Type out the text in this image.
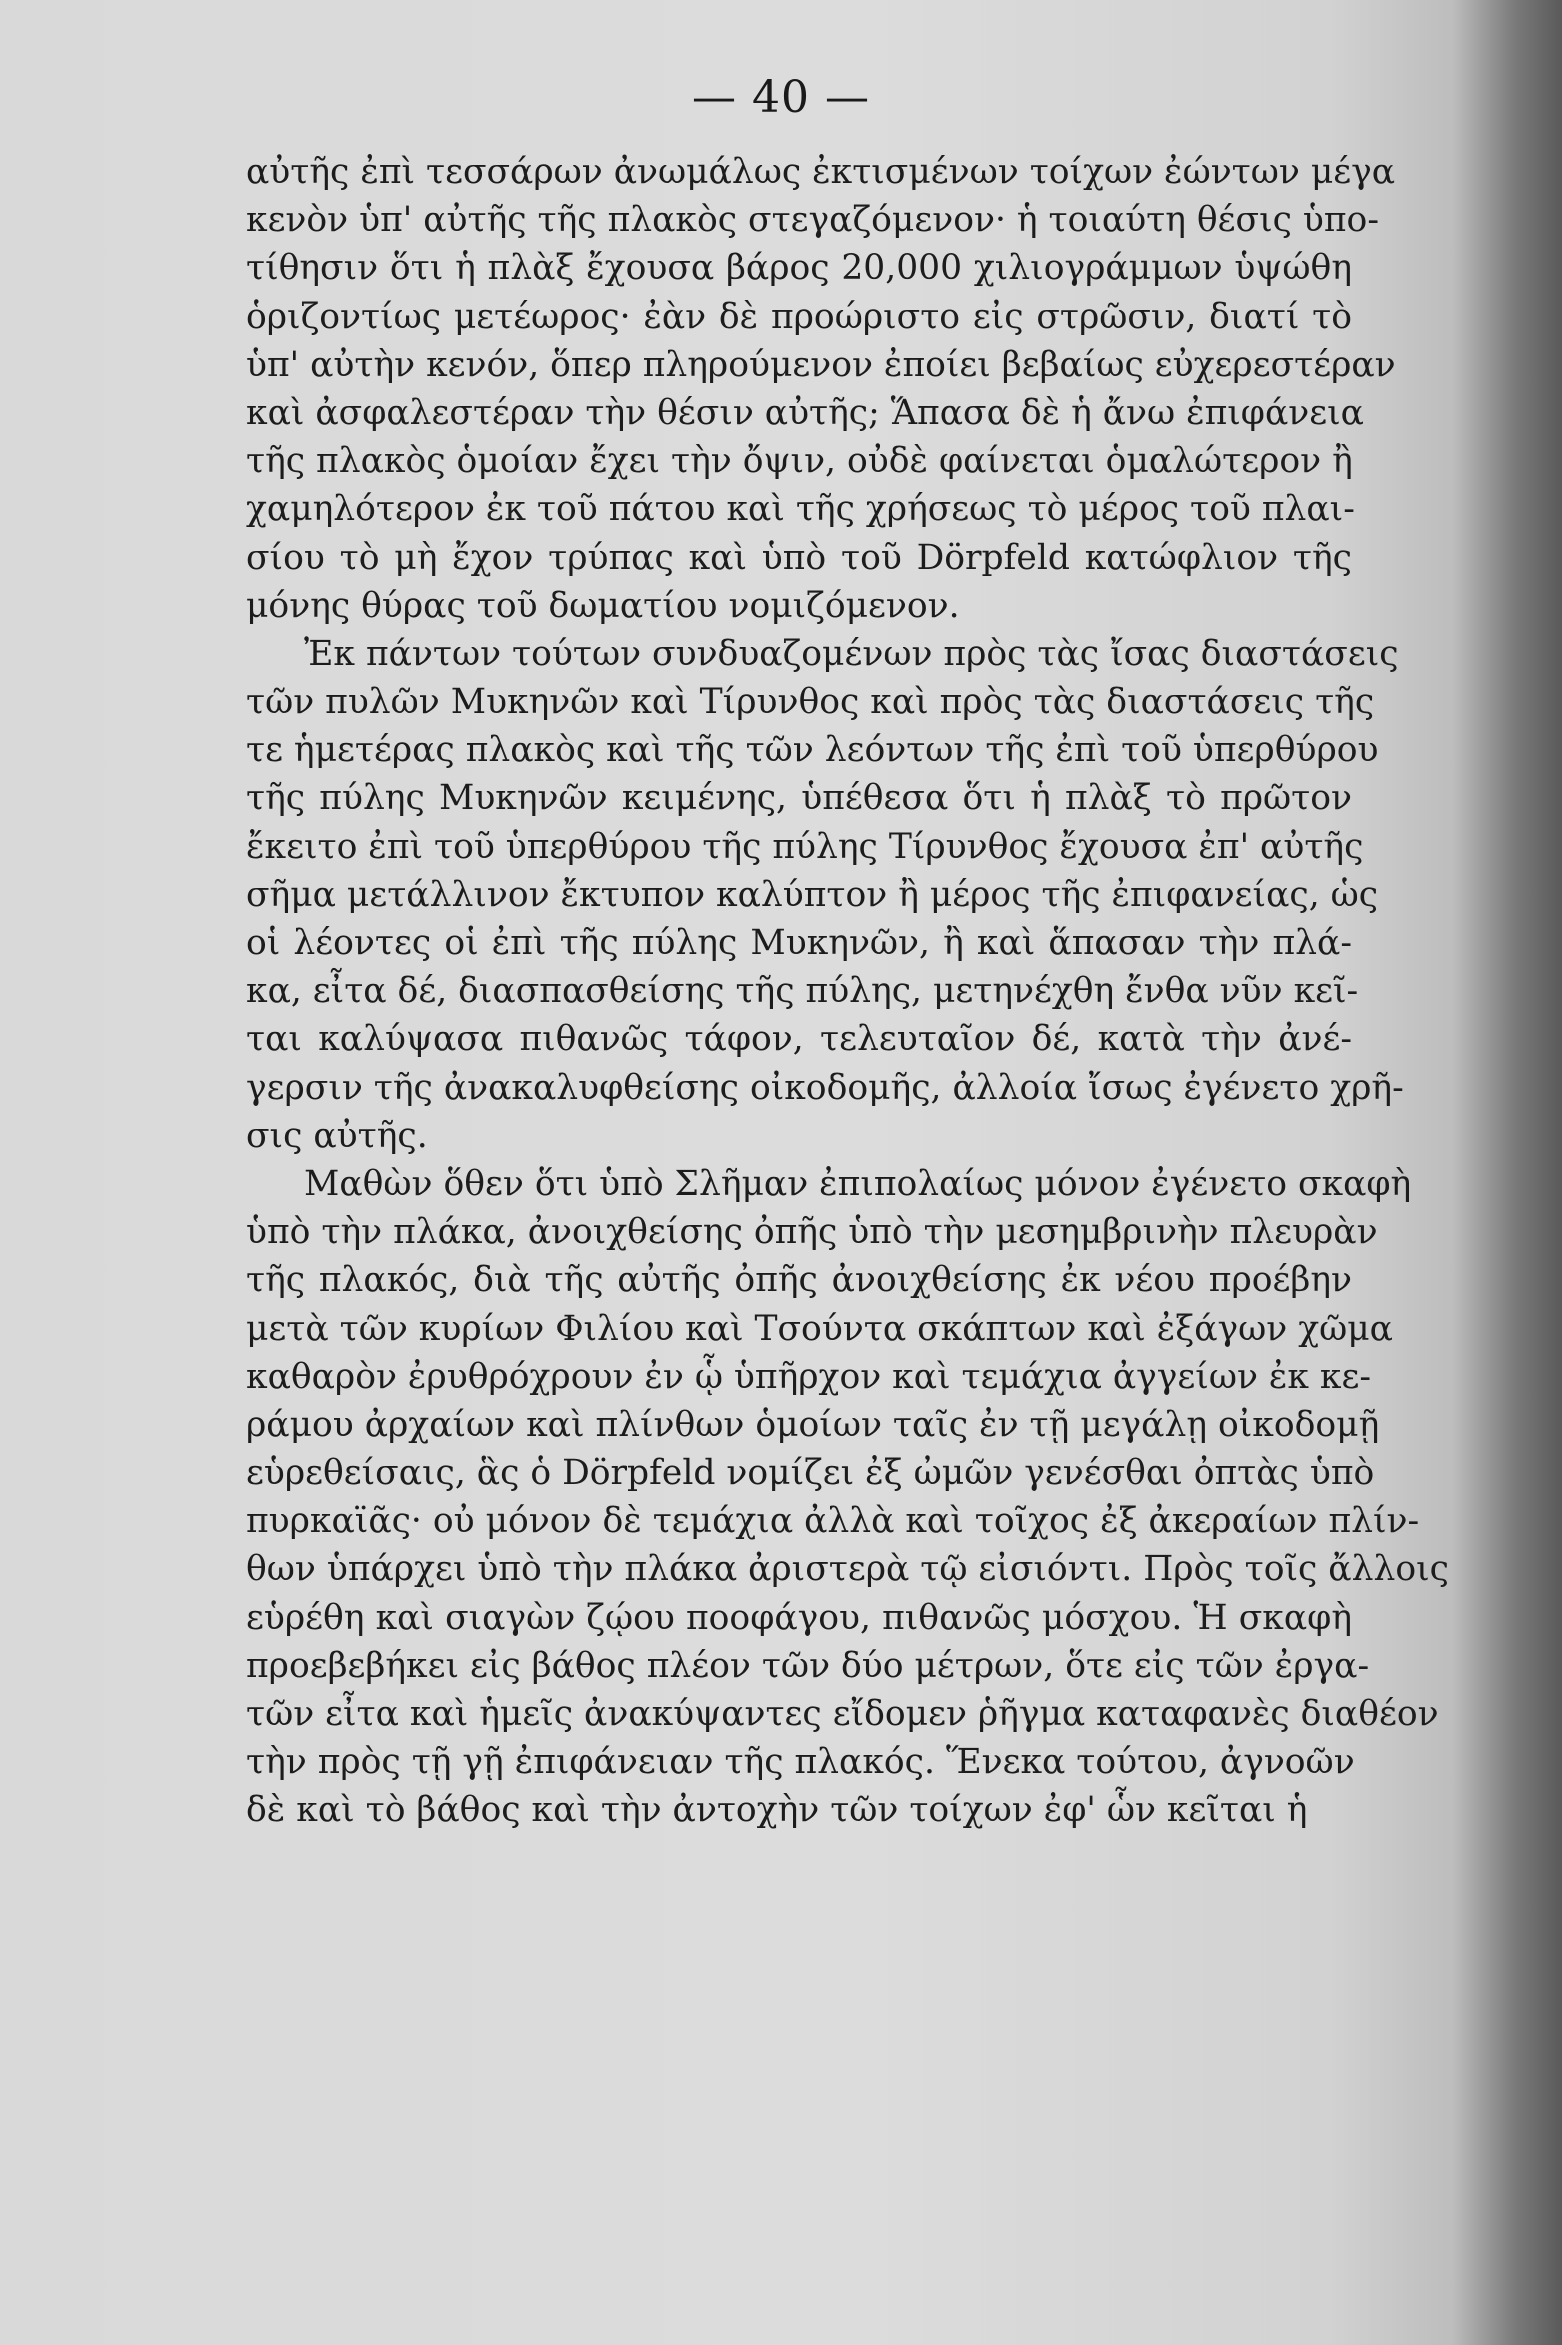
— 40 —
αὐτῆς ἐπὶ τεσσάρων ἀνωμάλως ἐκτισμένων τοίχων ἐώντων μέγα
κενὸν ὑπ' αὐτῆς τῆς πλακὸς στεγαζόμενον· ἡ τοιαύτη θέσις ὑπο-
τίθησιν ὅτι ἡ πλὰξ ἔχουσα βάρος 20,000 χιλιογράμμων ὑψώθη
ὁριζοντίως μετέωρος· ἐὰν δὲ προώριστο εἰς στρῶσιν, διατί τὸ
ὑπ' αὐτὴν κενόν, ὅπερ πληρούμενον ἐποίει βεβαίως εὐχερεστέραν
καὶ ἀσφαλεστέραν τὴν θέσιν αὐτῆς; Ἅπασα δὲ ἡ ἄνω ἐπιφάνεια
τῆς πλακὸς ὁμοίαν ἔχει τὴν ὄψιν, οὐδὲ φαίνεται ὁμαλώτερον ἢ
χαμηλότερον ἐκ τοῦ πάτου καὶ τῆς χρήσεως τὸ μέρος τοῦ πλαι-
σίου τὸ μὴ ἔχον τρύπας καὶ ὑπὸ τοῦ Dörpfeld κατώφλιον τῆς
μόνης θύρας τοῦ δωματίου νομιζόμενον.
Ἐκ πάντων τούτων συνδυαζομένων πρὸς τὰς ἴσας διαστάσεις
τῶν πυλῶν Μυκηνῶν καὶ Τίρυνθος καὶ πρὸς τὰς διαστάσεις τῆς
τε ἡμετέρας πλακὸς καὶ τῆς τῶν λεόντων τῆς ἐπὶ τοῦ ὑπερθύρου
τῆς πύλης Μυκηνῶν κειμένης, ὑπέθεσα ὅτι ἡ πλὰξ τὸ πρῶτον
ἔκειτο ἐπὶ τοῦ ὑπερθύρου τῆς πύλης Τίρυνθος ἔχουσα ἐπ' αὐτῆς
σῆμα μετάλλινον ἔκτυπον καλύπτον ἢ μέρος τῆς ἐπιφανείας, ὡς
οἱ λέοντες οἱ ἐπὶ τῆς πύλης Μυκηνῶν, ἢ καὶ ἅπασαν τὴν πλά-
κα, εἶτα δέ, διασπασθείσης τῆς πύλης, μετηνέχθη ἔνθα νῦν κεῖ-
ται καλύψασα πιθανῶς τάφον, τελευταῖον δέ, κατὰ τὴν ἀνέ-
γερσιν τῆς ἀνακαλυφθείσης οἰκοδομῆς, ἀλλοία ἴσως ἐγένετο χρῆ-
σις αὐτῆς.
Μαθὼν ὅθεν ὅτι ὑπὸ Σλῆμαν ἐπιπολαίως μόνον ἐγένετο σκαφὴ
ὑπὸ τὴν πλάκα, ἀνοιχθείσης ὀπῆς ὑπὸ τὴν μεσημβρινὴν πλευρὰν
τῆς πλακός, διὰ τῆς αὐτῆς ὀπῆς ἀνοιχθείσης ἐκ νέου προέβην
μετὰ τῶν κυρίων Φιλίου καὶ Τσούντα σκάπτων καὶ ἐξάγων χῶμα
καθαρὸν ἐρυθρόχρουν ἐν ᾧ ὑπῆρχον καὶ τεμάχια ἀγγείων ἐκ κε-
ράμου ἀρχαίων καὶ πλίνθων ὁμοίων ταῖς ἐν τῇ μεγάλῃ οἰκοδομῇ
εὑρεθείσαις, ἃς ὁ Dörpfeld νομίζει ἐξ ὠμῶν γενέσθαι ὀπτὰς ὑπὸ
πυρκαϊᾶς· οὐ μόνον δὲ τεμάχια ἀλλὰ καὶ τοῖχος ἐξ ἀκεραίων πλίν-
θων ὑπάρχει ὑπὸ τὴν πλάκα ἀριστερὰ τῷ εἰσιόντι. Πρὸς τοῖς ἄλλοις
εὑρέθη καὶ σιαγὼν ζῴου ποοφάγου, πιθανῶς μόσχου. Ἡ σκαφὴ
προεβεβήκει εἰς βάθος πλέον τῶν δύο μέτρων, ὅτε εἰς τῶν ἐργα-
τῶν εἶτα καὶ ἡμεῖς ἀνακύψαντες εἴδομεν ῥῆγμα καταφανὲς διαθέον
τὴν πρὸς τῇ γῇ ἐπιφάνειαν τῆς πλακός. Ἕνεκα τούτου, ἀγνοῶν
δὲ καὶ τὸ βάθος καὶ τὴν ἀντοχὴν τῶν τοίχων ἐφ' ὧν κεῖται ἡ
